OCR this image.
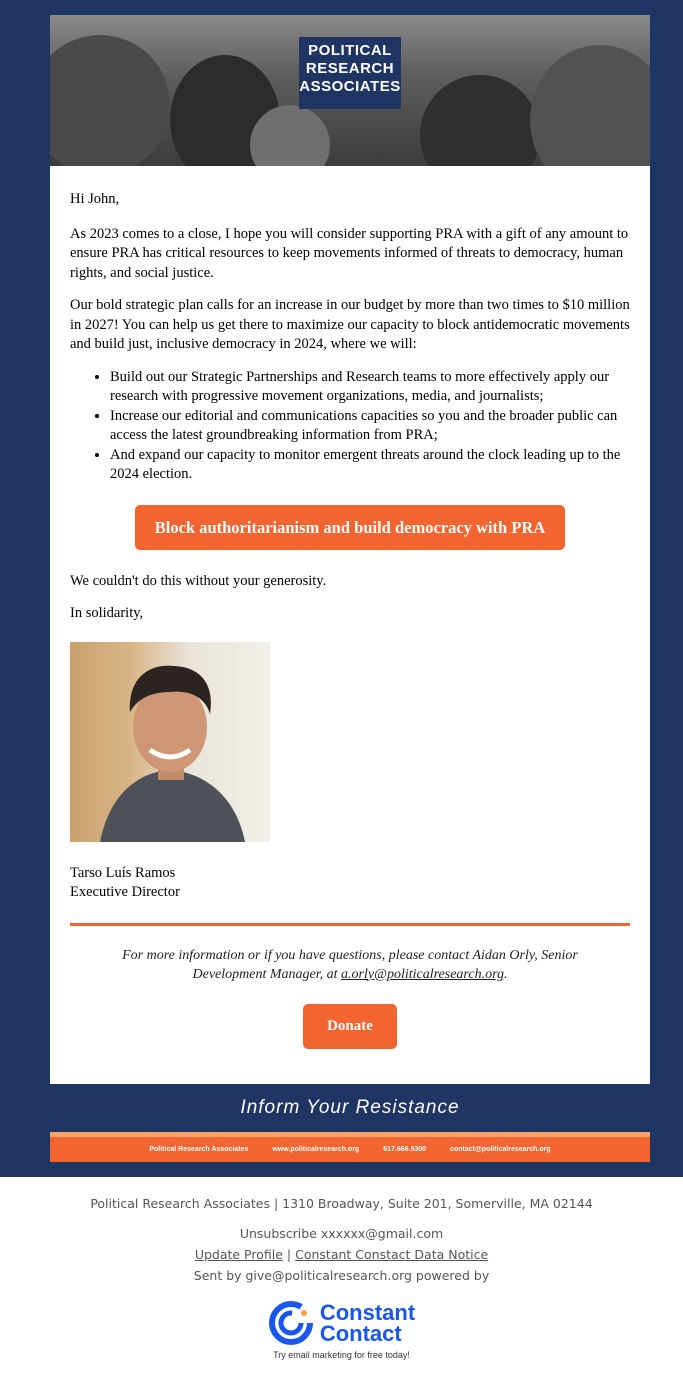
POLITICAL
RESEARCH
ASSOCIATES

Hi John,

As 2023 comes to a close, I hope you will consider supporting PRA with a gift of any amount to ensure PRA has critical resources to keep movements informed of threats to democracy, human rights, and social justice.

Our bold strategic plan calls for an increase in our budget by more than two times to $10 million in 2027! You can help us get there to maximize our capacity to block antidemocratic movements and build just, inclusive democracy in 2024, where we will:

• Build out our Strategic Partnerships and Research teams to more effectively apply our research with progressive movement organizations, media, and journalists;
• Increase our editorial and communications capacities so you and the broader public can access the latest groundbreaking information from PRA;
• And expand our capacity to monitor emergent threats around the clock leading up to the 2024 election.
Block authoritarianism and build democracy with PRA

We couldn't do this without your generosity.

In solidarity,

Tarso Luís Ramos

Executive Director

For more information or if you have questions, please contact Aidan Orly, Senior Development Manager, at a.orly@politicalresearch.org.
Donate
Inform Your Resistance
Political Research Associates	www.politicalresearch.org	617.666.5300	contact@politicalresearch.org
Political Research Associates | 1310 Broadway, Suite 201, Somerville, MA 02144
Unsubscribe xxxxxx@gmail.com
Update Profile | Constant Constact Data Notice
Sent by give@politicalresearch.org powered by
Constant
Contact
Try email marketing for free today!
